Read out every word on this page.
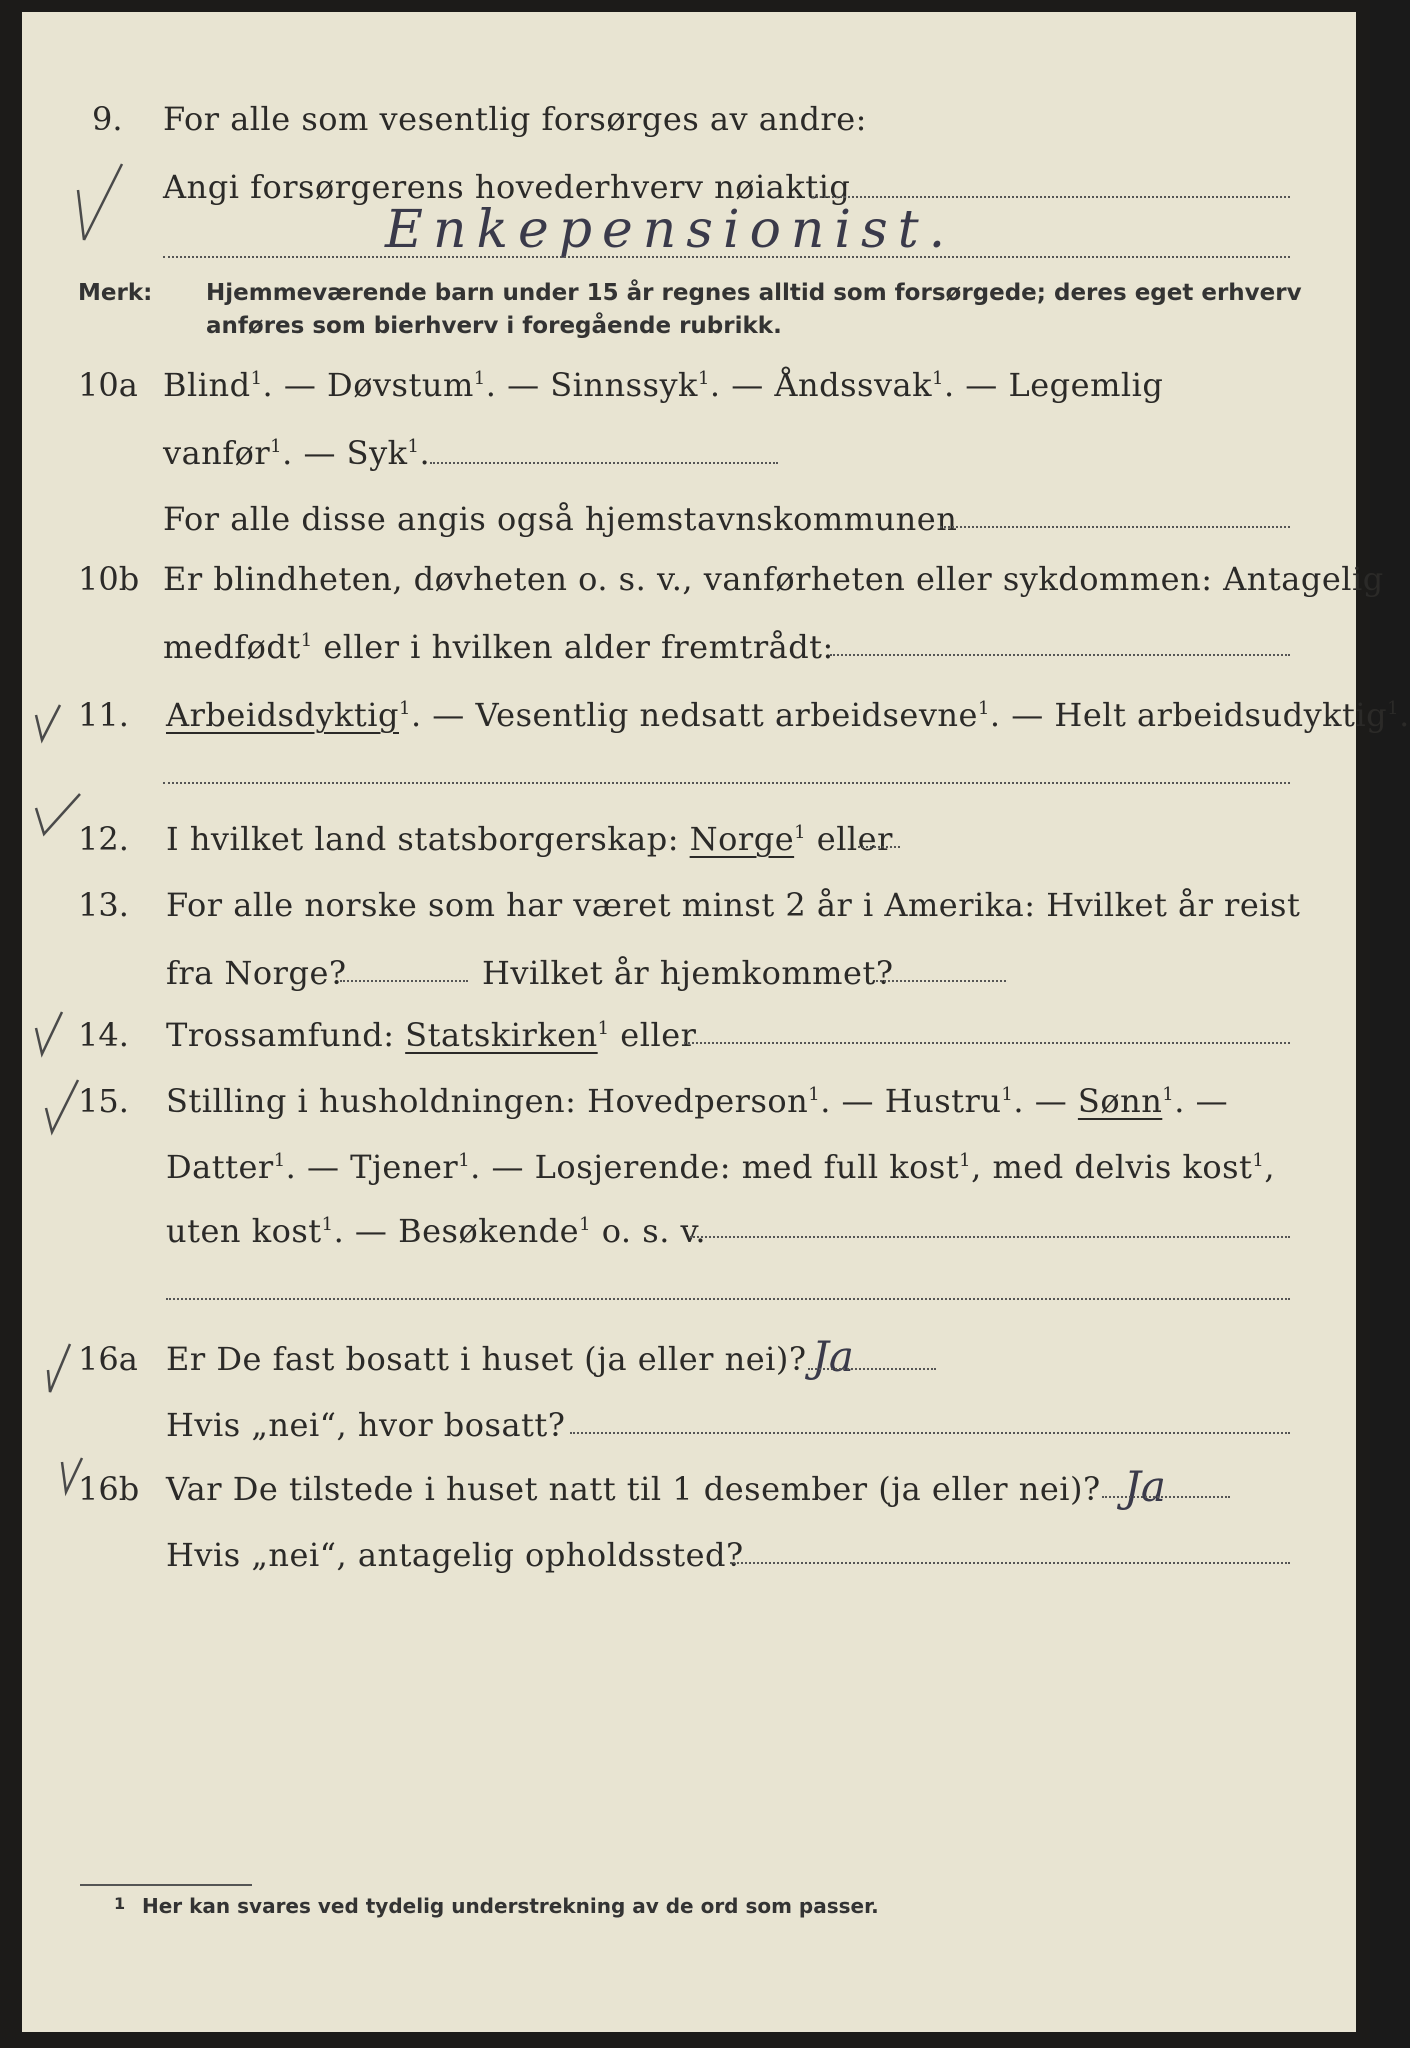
9. For alle som vesentlig forsørges av andre:
Angi forsørgerens hovederhverv nøiaktig
Enkepensionist.
Merk: Hjemmeværende barn under 15 år regnes alltid som forsørgede; deres eget erhverv
anføres som bierhverv i foregående rubrikk.
10a Blind$^1$. — Døvstum$^1$. — Sinnssyk$^1$. — Åndssvak$^1$. — Legemlig
vanfør$^1$. — Syk$^1$.
For alle disse angis også hjemstavnskommunen
10b Er blindheten, døvheten o. s. v., vanførheten eller sykdommen: Antagelig
medfødt$^1$ eller i hvilken alder fremtrådt:
11. Arbeidsdyktig$^1$. — Vesentlig nedsatt arbeidsevne$^1$. — Helt arbeidsudyktig$^1$.
12. I hvilket land statsborgerskap: Norge$^1$ eller
13. For alle norske som har været minst 2 år i Amerika: Hvilket år reist
fra Norge?	Hvilket år hjemkommet?
14. Trossamfund: Statskirken$^1$ eller
15. Stilling i husholdningen: Hovedperson$^1$. — Hustru$^1$. — Sønn$^1$. —
Datter$^1$. — Tjener$^1$. — Losjerende: med full kost$^1$, med delvis kost$^1$,
uten kost$^1$. — Besøkende$^1$ o. s. v.
16a Er De fast bosatt i huset (ja eller nei)? Ja
Hvis „nei“, hvor bosatt?
16b Var De tilstede i huset natt til 1 desember (ja eller nei)? Ja
Hvis „nei“, antagelig opholdssted?
1 Her kan svares ved tydelig understrekning av de ord som passer.
